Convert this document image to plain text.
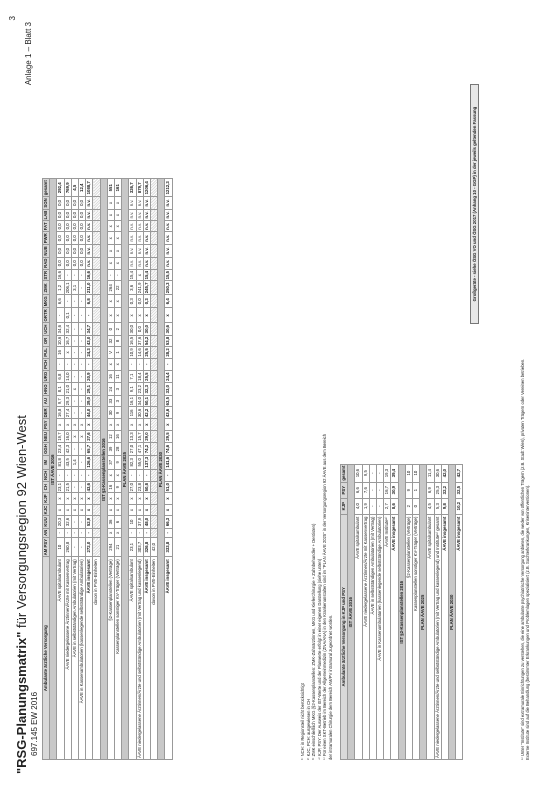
3
"RSG-Planungsmatrix" für Versorgungsregion 92 Wien-West
697.145 EW 2016
Anlage 1 – Blatt 3
Ambulante ärztliche Versorgung	AM PSY	AN	KUU	KJC	KJP	CH	NCH	IM	GGH	NEU	PSY	DER	AU	HNO	URO	PCH	PUL	OR	UCH	ORTR	MKG	ZMK	STR	RAD	NUB	PWR	FAT	LAB	SON	gesamt
IST ÄAVE 2016																														
ÄAVE spitalsambulant	10	-	20,3	x	x	23,1	-	81,8	23,4	19,7	x	16,8	9,7	8,1	6,8	-	16	10,6	34,6	-	6,6	1,2	16,6	0,0	0,0	0,0	0,0	0,0	0,0	292,4
ÄAVE niedergelassene Ärztinnen/Ärzte mit Kassenvertrag	260,8	-	32,6	x	x	21,5	-	43,5	42,3	16,0	x	27,4	29,3	21,0	14,0	-	x	16,7	32,4	0,1	-	206,1	-	0,0	0,0	0,0	0,0	0,0	0,0	769,9
ÄAVE in selbstständigen Ambulatorien (mit Vertrag)	-	-	-	x	x	-	-	1,4	-	x	x	-	-	x	-	-	-	-	-	-	-	3,1	-	0,0	0,0	0,0	0,0	0,0	0,0	4,5
ÄAVE in Kassenambulatorien (kassenlegende selbstständige Ambulatorien)	-	-	-	x	x	-	-	-	-	x	x	-	-	-	-	-	-	-	-	-	-	-	-	0,0	0,0	0,0	0,0	0,0	0,0	12,4
ÄAVE insgesamt	272,0	-	52,9	x	x	43,6	-	126,6	65,7	27,6	x	44,0	39,0	29,1	20,9	-	24,3	43,0	34,7	-	6,8	211,0	16,6	n.v.	n.v.	n.v.	n.v.	n.v.	n.v.	1088,7
davon in PVE-Einheiten																														
IST §2-Kassenplanstellen 2016																														
§2-Kassenplanstellen (Verträge)	294	x	36	x	x	16	x	37	39	12	x	30	33	24	16	x	V	32	0	x	x	264	-	x	x	x	x	x	x	551
Kassenplanstellen sonstiger KV-Träger (Verträge)	21	x	6	x	x	9	x	9	28	16	x	9	3	3	11	x	1	8	2	x	x	22	-	x	x	x	x	x	x	161
PLAN ÄAVE 2025																														
ÄAVE spitalsambulant	23,1	-	10	x	x	27,0	-	82,3	27,0	13,3	x	116	16,1	9,1	7,1	-	10,9	16,5	30,0	x	0,3	3,6	15,4	n.v.	n.v.	n.v.	n.v.	n.v.	n.v.	326,7
ÄAVE niedergelassene Ärztinnen/Ärzte und selbstständige Ambulatorien (mit Vertrag und kassenlegend)	303,7	-	37,9	x	x	23,8	-	55,0	47,1	15,7	x	30,6	34,0	23,2	18,4	-	14,6	37,6	0,0	x	0,0	241,9	x	n.v.	n.v.	n.v.	n.v.	n.v.	n.v.	879,7
ÄAVE insgesamt	326,8	-	48,0	x	x	50,8	-	137,3	74,2	29,0	x	42,2	50,1	32,3	25,5	-	25,5	54,2	30,0	x	0,3	245,7	15,4	n.v.	n.v.	n.v.	n.v.	n.v.	n.v.	1206,4
davon in PVE-Einheiten	42,0																													
PLAN ÄAVE 2030																														
ÄAVE insgesamt	333,8	-	66,3	x	x	51,0	-	141,6	74,6	29,5	x	43,6	63,5	33,0	24,4	-	28,2	53,8	30,6	x	6,4	250,3	15,5	n.v.	n.v.	n.v.	n.v.	n.v.	n.v.	1212,3
¹⁾ NCH: in Regionsteil nicht berücksichtigt ²⁾ KJC, PCH: ausgewiesen in CH ³⁾ ZMK einschließlich MKG (§2-Kassenplanstellen: ZMK-Zahnärztinnen, MKG und Kieferchirurgie + Zahnbehandler + Dentisten) ⁴⁾ KJP, PSY: Der Ausweis der IST-Werte und der Planwerte erfolgt in einer eigenen Darstellung (siehe unten) ⁵⁾ Für einen SKT-Betrieb im Bereich der Allgemeinmedizin (ZNA/ANA) in den Krankenanstalten sind im "PLAN ÄAVE 2025" in der Versorgungsregion 92 ÄAVE aus dem Bereich der intramuralen Chirurgie dem Bereich AM/PV intramural zugeordnet worden. Ambulante ärztliche Versorgung in KJP und PSY	KJP	PSY	gesamt
IST ÄAVE 2016			
ÄAVE spitalsambulant	4,0	6,6	10,6
ÄAVE niedergelassene Ärztinnen/Ärzte mit Kassenvertrag	1,9	7,6	9,5
ÄAVE in selbstständigen Ambulatorien (mit Vertrag)	-	-	-
ÄAVE in Kassenambulatorien (kassenlegende selbstständige Ambulatorien)	-	-	-
ÄAVE Institute⁶⁾	2,7	16,7	19,3
ÄAVE insgesamt	8,6	30,9	39,4
IST §2-Kassenplanstellen 2016			
§2-Kassenplanstellen (Verträge)	2	9	10
Kassenplanstellen sonstiger KV-Träger (Verträge)	0	1	10
PLAN ÄAVE 2025			
ÄAVE spitalsambulant	4,5	6,9	11,4
ÄAVE niedergelassene Ärztinnen/Ärzte und selbstständige Ambulatorien (mit Vertrag und kassenlegend) und Institute⁶⁾ gesamt	5,3	25,3	30,6
ÄAVE insgesamt	9,8	32,2	42,0
PLAN ÄAVE 2030			
ÄAVE insgesamt	10,2	32,5	42,7
Großgeräte - siehe ÖSG VO und ÖSG 2017 (Anhang 10 - GGP) in der jeweils geltenden Fassung
⁶⁾ Unter "Institute" sind extramurale Einrichtungen zu verstehen, die eine ambulante psychiatrische Versorgung anbieten, die weder von öffentlichen Trägern (z.B. Stadt Wien), privaten Trägern oder Vereinen betrieben. Externe Institute sind auf die Behandlung (bestimmter Erkrankungen und Problemlagen spezialisiert (z.B. Suchterkrankungen, Kriseninterventionen).
